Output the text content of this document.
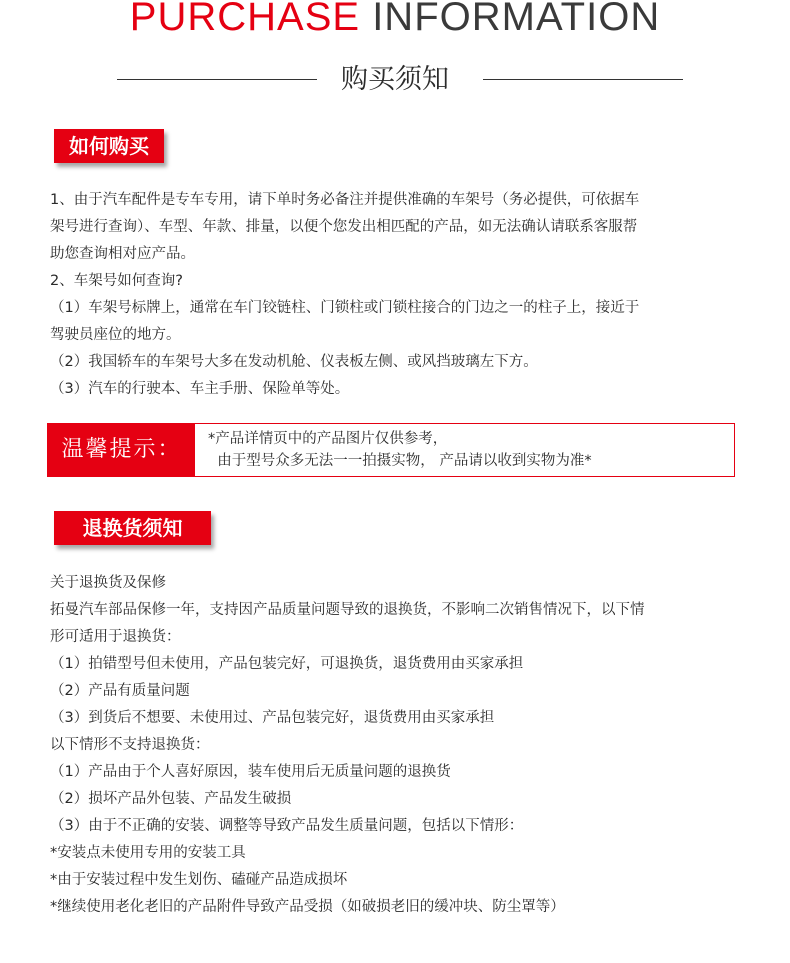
PURCHASE INFORMATION
购买须知
如何购买
1、由于汽车配件是专车专用，请下单时务必备注并提供准确的车架号（务必提供，可依据车
架号进行查询）、车型、年款、排量，以便个您发出相匹配的产品，如无法确认请联系客服帮
助您查询相对应产品。
2、车架号如何查询?
（1）车架号标牌上，通常在车门铰链柱、门锁柱或门锁柱接合的门边之一的柱子上，接近于
驾驶员座位的地方。
（2）我国轿车的车架号大多在发动机舱、仪表板左侧、或风挡玻璃左下方。
（3）汽车的行驶本、车主手册、保险单等处。
温馨提示：	*产品详情页中的产品图片仅供参考，
由于型号众多无法一一拍摄实物， 产品请以收到实物为准*
退换货须知
关于退换货及保修
拓曼汽车部品保修一年，支持因产品质量问题导致的退换货，不影响二次销售情况下，以下情
形可适用于退换货：
（1）拍错型号但未使用，产品包装完好，可退换货，退货费用由买家承担
（2）产品有质量问题
（3）到货后不想要、未使用过、产品包装完好，退货费用由买家承担
以下情形不支持退换货：
（1）产品由于个人喜好原因，装车使用后无质量问题的退换货
（2）损坏产品外包装、产品发生破损
（3）由于不正确的安装、调整等导致产品发生质量问题，包括以下情形：
*安装点未使用专用的安装工具
*由于安装过程中发生划伤、磕碰产品造成损坏
*继续使用老化老旧的产品附件导致产品受损（如破损老旧的缓冲块、防尘罩等）
